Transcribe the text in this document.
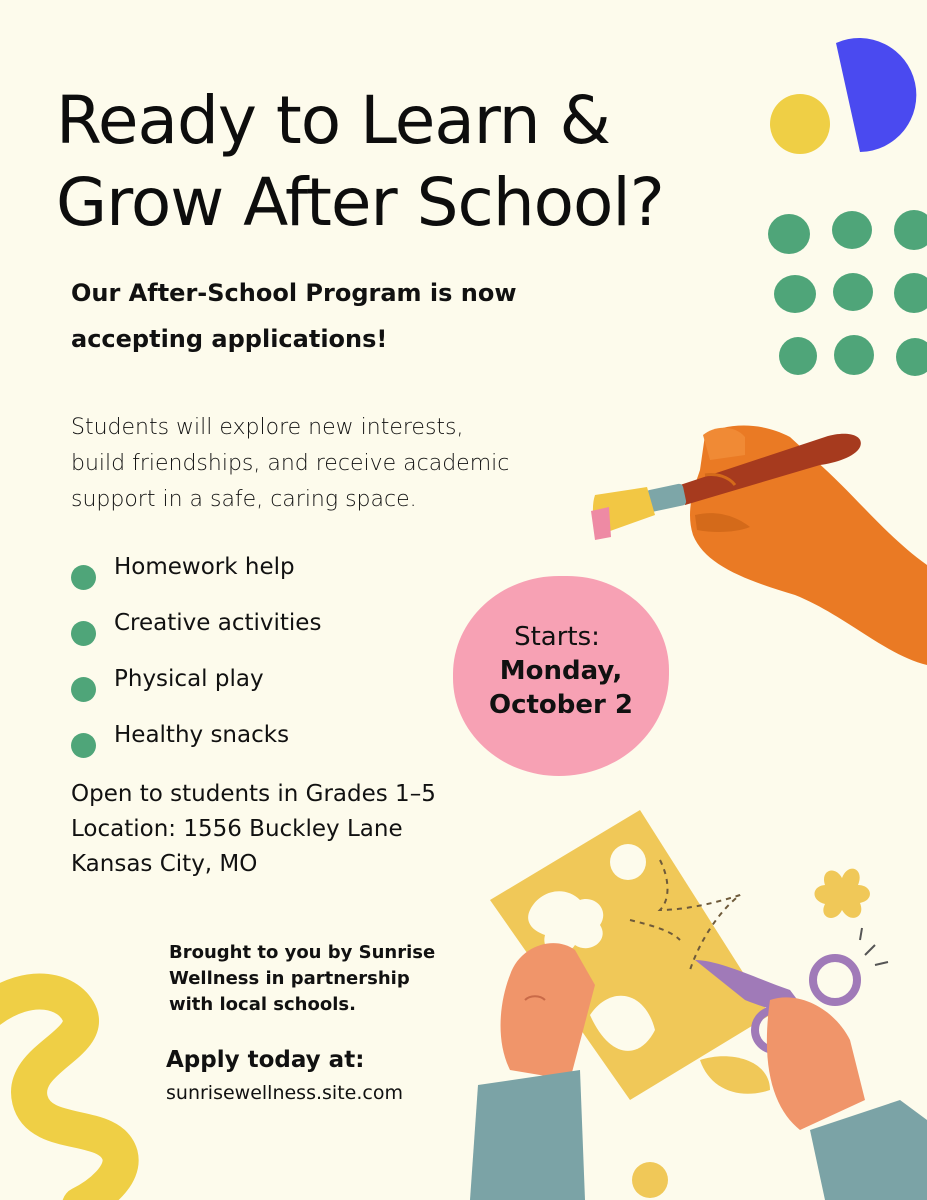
Starts:
Monday,
October 2
Ready to Learn &
Grow After School?
Our After-School Program is now
accepting applications!
Students will explore new interests,
build friendships, and receive academic
support in a safe, caring space.
Homework help
Creative activities
Physical play
Healthy snacks
Open to students in Grades 1–5
Location: 1556 Buckley Lane
Kansas City, MO
Brought to you by Sunrise
Wellness in partnership
with local schools.
Apply today at:
sunrisewellness.site.com
